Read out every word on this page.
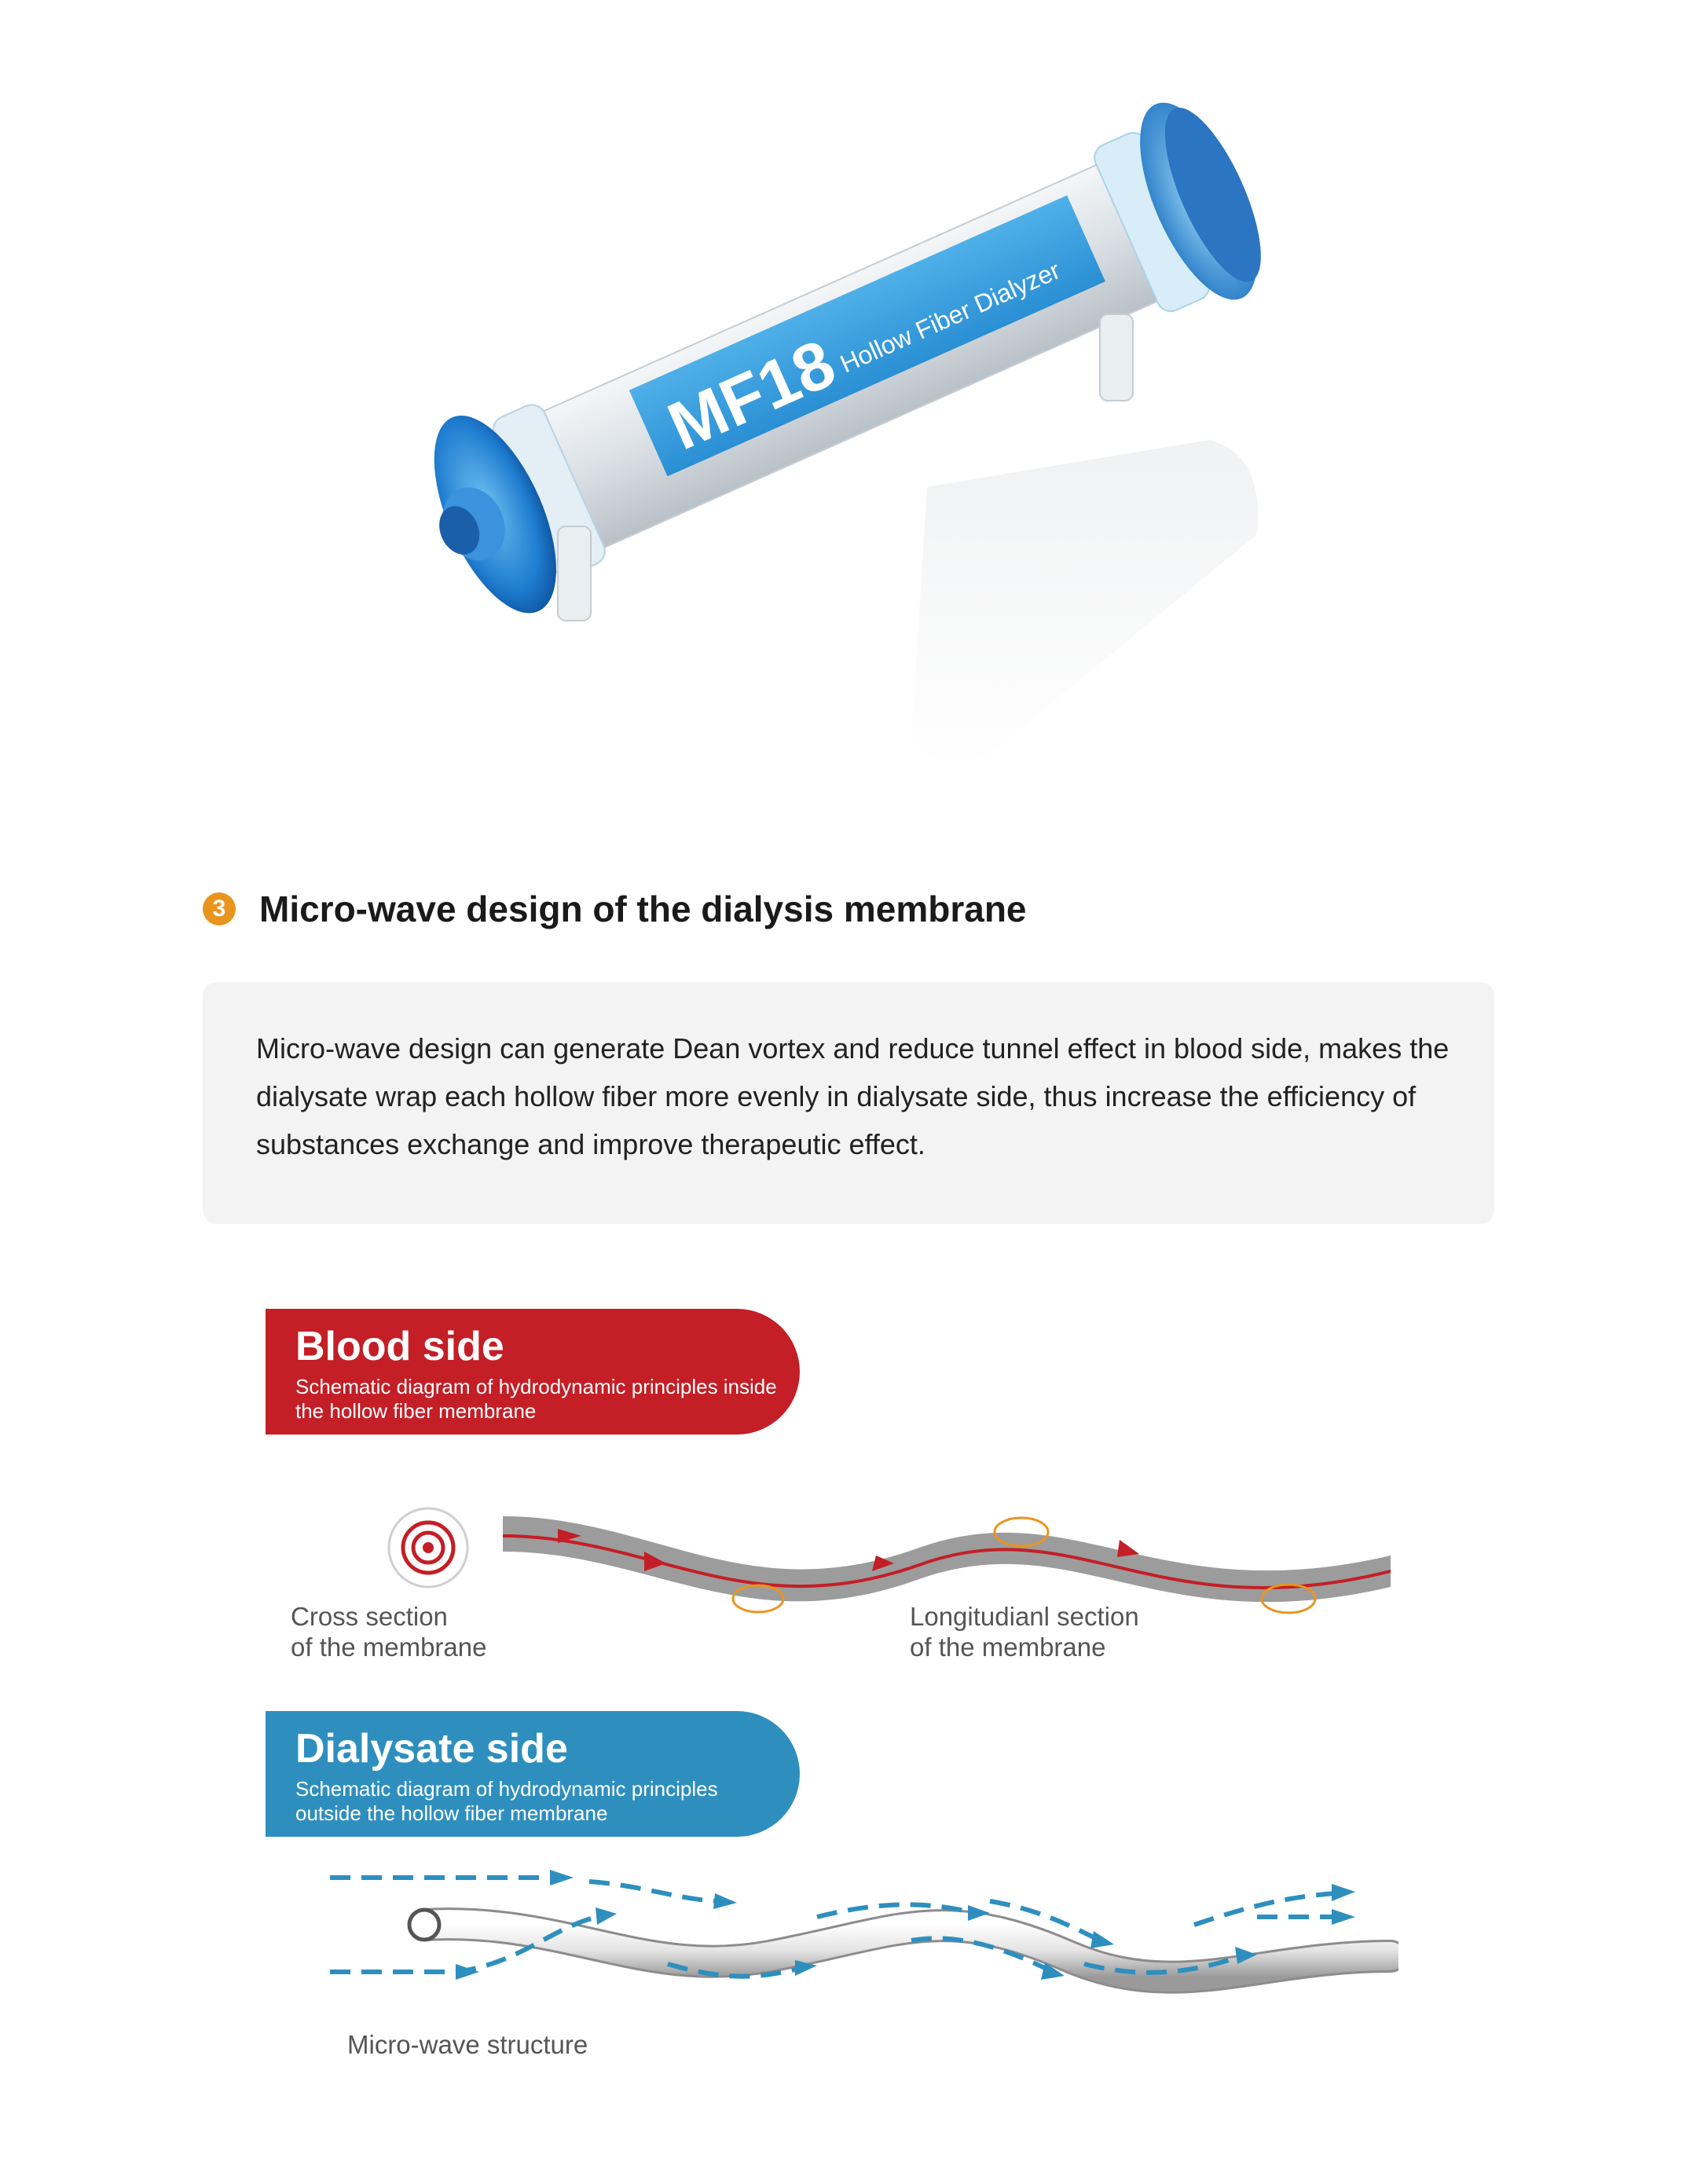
MF18
Hollow Fiber Dialyzer
3 Micro-wave design of the dialysis membrane
Micro-wave design can generate Dean vortex and reduce tunnel effect in blood side, makes the dialysate wrap each hollow fiber more evenly in dialysate side, thus increase the efficiency of substances exchange and improve therapeutic effect.
Blood side
Schematic diagram of hydrodynamic principles inside the hollow fiber membrane
Cross section
of the membrane
Longitudianl section
of the membrane
Dialysate side
Schematic diagram of hydrodynamic principles outside the hollow fiber membrane
Micro-wave structure
